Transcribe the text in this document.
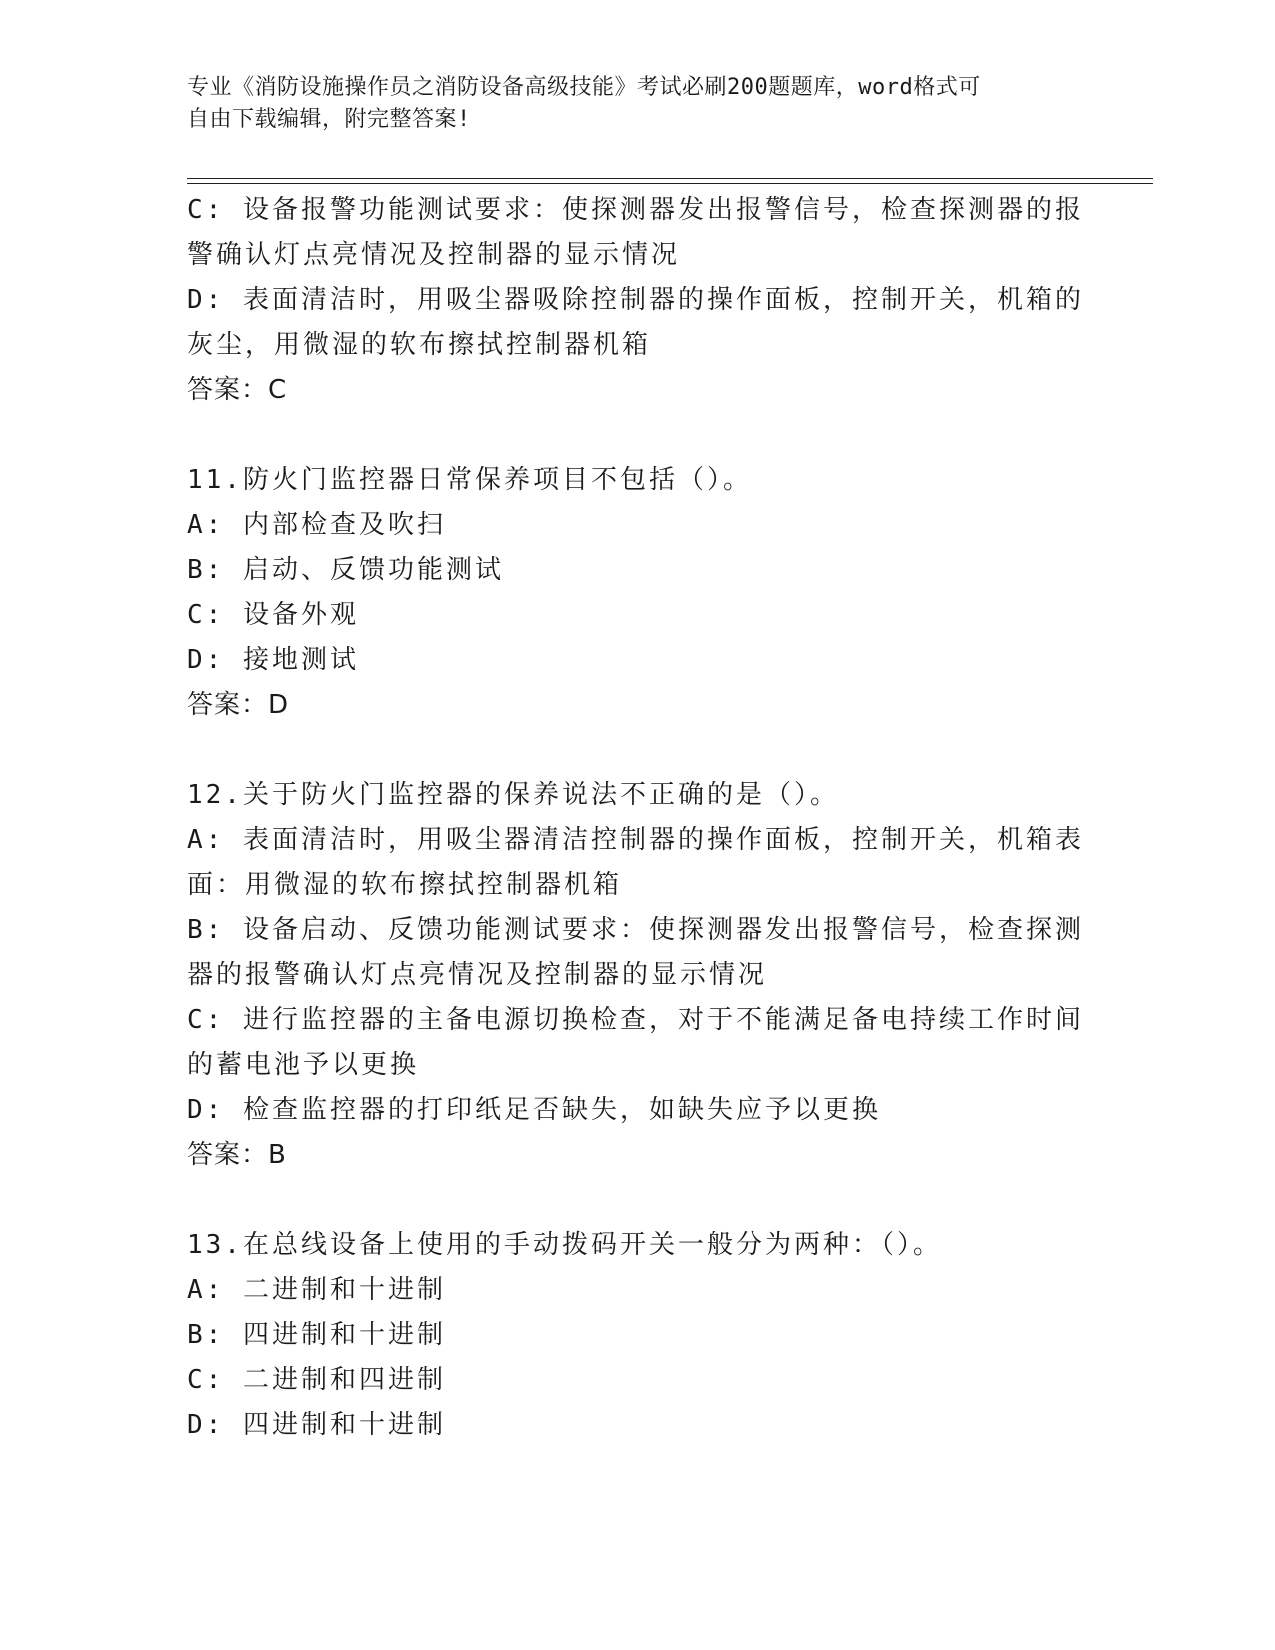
专业《消防设施操作员之消防设备高级技能》考试必刷200题题库，word格式可
自由下载编辑，附完整答案!

C: 设备报警功能测试要求：使探测器发出报警信号，检查探测器的报

警确认灯点亮情况及控制器的显示情况

D: 表面清洁时，用吸尘器吸除控制器的操作面板，控制开关，机箱的

灰尘，用微湿的软布擦拭控制器机箱

答案：C

11.防火门监控器日常保养项目不包括（）。

A: 内部检查及吹扫

B: 启动、反馈功能测试

C: 设备外观

D: 接地测试

答案：D

12.关于防火门监控器的保养说法不正确的是（）。

A: 表面清洁时，用吸尘器清洁控制器的操作面板，控制开关，机箱表

面：用微湿的软布擦拭控制器机箱

B: 设备启动、反馈功能测试要求：使探测器发出报警信号，检查探测

器的报警确认灯点亮情况及控制器的显示情况

C: 进行监控器的主备电源切换检查，对于不能满足备电持续工作时间

的蓄电池予以更换

D: 检查监控器的打印纸足否缺失，如缺失应予以更换

答案：B

13.在总线设备上使用的手动拨码开关一般分为两种：（）。

A: 二进制和十进制

B: 四进制和十进制

C: 二进制和四进制

D: 四进制和十进制
